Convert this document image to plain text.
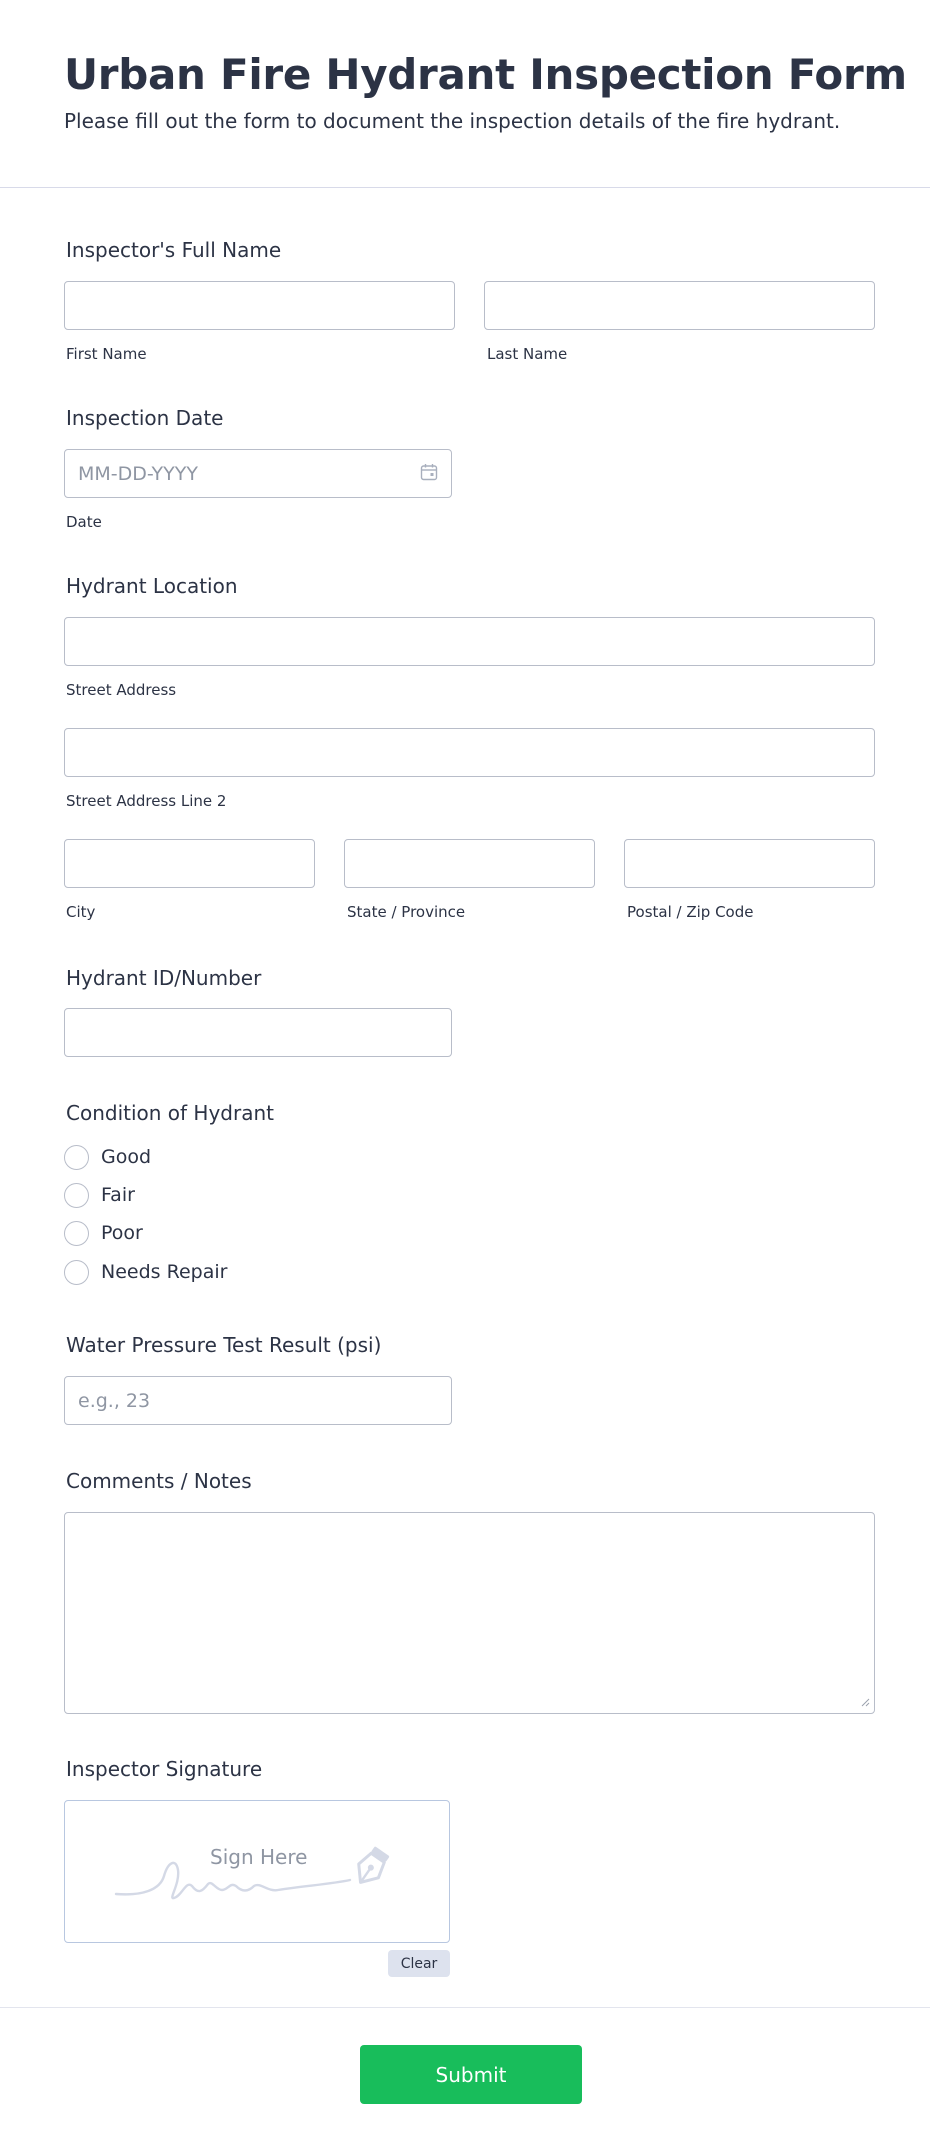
Urban Fire Hydrant Inspection Form

Please fill out the form to document the inspection details of the fire hydrant.

Inspector's Full Name
First Name	Last Name
Inspection Date
MM-DD-YYYY
Date
Hydrant Location
Street Address
Street Address Line 2
City	State / Province	Postal / Zip Code
Hydrant ID/Number
Condition of Hydrant
Good
Fair
Poor
Needs Repair
Water Pressure Test Result (psi)
e.g., 23
Comments / Notes
Inspector Signature
Sign Here
Clear
Submit
